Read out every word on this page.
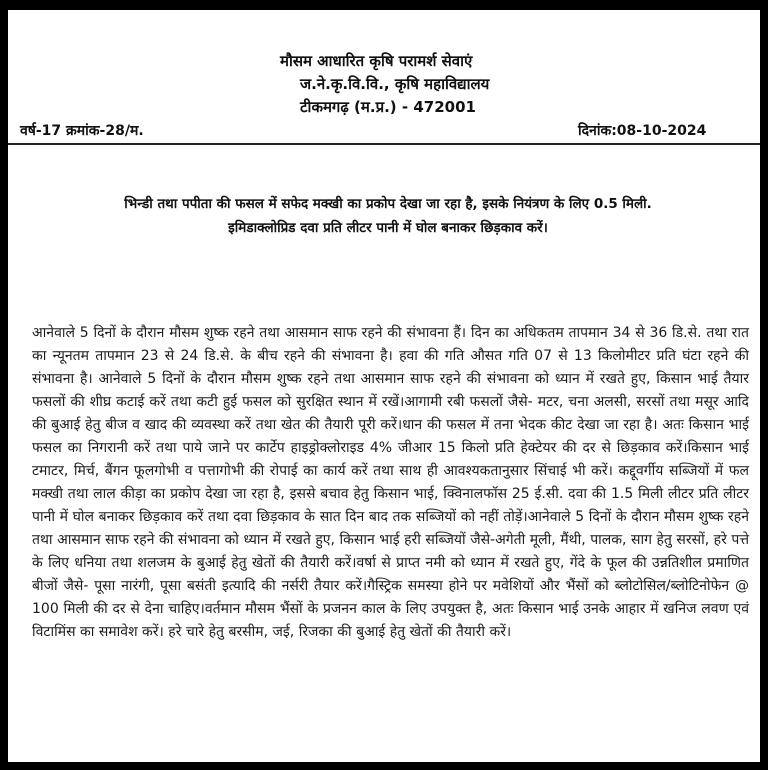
मौसम आधारित कृषि परामर्श सेवाएं
ज.ने.कृ.वि.वि., कृषि महाविद्यालय
टीकमगढ़ (म.प्र.) - 472001
वर्ष-17 क्रमांक-28/म.	दिनांक:08-10-2024
भिन्डी तथा पपीता की फसल में सफेद मक्खी का प्रकोप देखा जा रहा है, इसके नियंत्रण के लिए 0.5 मिली.
इमिडाक्लोप्रिड दवा प्रति लीटर पानी में घोल बनाकर छिड़काव करें।
आनेवाले 5 दिनों के दौरान मौसम शुष्क रहने तथा आसमान साफ रहने की संभावना हैं। दिन का अधिकतम तापमान 34 से 36 डि.से. तथा रात का न्यूनतम तापमान 23 से 24 डि.से. के बीच रहने की संभावना है। हवा की गति औसत गति 07 से 13 किलोमीटर प्रति घंटा रहने की संभावना है। आनेवाले 5 दिनों के दौरान मौसम शुष्क रहने तथा आसमान साफ रहने की संभावना को ध्यान में रखते हुए, किसान भाई तैयार फसलों की शीघ्र कटाई करें तथा कटी हुई फसल को सुरक्षित स्थान में रखें।आगामी रबी फसलों जैसे- मटर, चना अलसी, सरसों तथा मसूर आदि की बुआई हेतु बीज व खाद की व्यवस्था करें तथा खेत की तैयारी पूरी करें।धान की फसल में तना भेदक कीट देखा जा रहा है। अतः किसान भाई फसल का निगरानी करें तथा पाये जाने पर कार्टेप हाइड्रोक्लोराइड 4% जीआर 15 किलो प्रति हेक्टेयर की दर से छिड़काव करें।किसान भाई टमाटर, मिर्च, बैंगन फूलगोभी व पत्तागोभी की रोपाई का कार्य करें तथा साथ ही आवश्यकतानुसार सिंचाई भी करें। कद्दूवर्गीय सब्जियों में फल मक्खी तथा लाल कीड़ा का प्रकोप देखा जा रहा है, इससे बचाव हेतु किसान भाई, क्विनालफॉस 25 ई.सी. दवा की 1.5 मिली लीटर प्रति लीटर पानी में घोल बनाकर छिड़काव करें तथा दवा छिड़काव के सात दिन बाद तक सब्जियों को नहीं तोड़ें।आनेवाले 5 दिनों के दौरान मौसम शुष्क रहने तथा आसमान साफ रहने की संभावना को ध्यान में रखते हुए, किसान भाई हरी सब्जियों जैसे-अगेती मूली, मैंथी, पालक, साग हेतु सरसों, हरे पत्ते के लिए धनिया तथा शलजम के बुआई हेतु खेतों की तैयारी करें।वर्षा से प्राप्त नमी को ध्यान में रखते हुए, गेंदे के फूल की उन्नतिशील प्रमाणित बीजों जैसे- पूसा नारंगी, पूसा बसंती इत्यादि की नर्सरी तैयार करें।गैस्ट्रिक समस्या होने पर मवेशियों और भैंसों को ब्लोटोसिल/ब्लोटिनोफेन @ 100 मिली की दर से देना चाहिए।वर्तमान मौसम भैंसों के प्रजनन काल के लिए उपयुक्त है, अतः किसान भाई उनके आहार में खनिज लवण एवं विटामिंस का समावेश करें। हरे चारे हेतु बरसीम, जई, रिजका की बुआई हेतु खेतों की तैयारी करें।
